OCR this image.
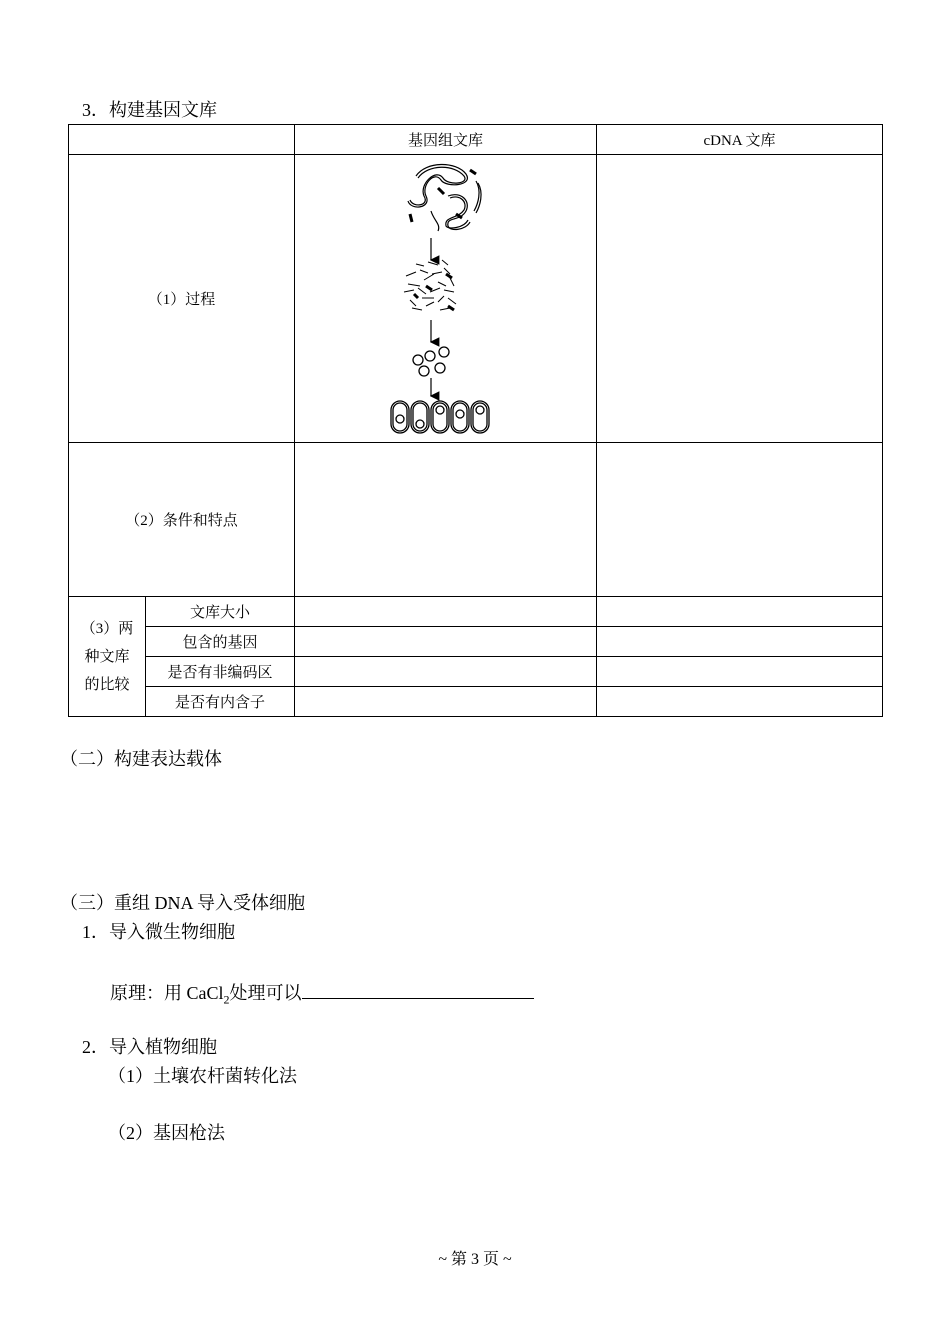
3．构建基因文库
		基因组文库	cDNA 文库
（1）过程		
（2）条件和特点			

（3）两
种文库
的比较	文库大小		
	包含的基因		
	是否有非编码区		
	是否有内含子		
（二）构建表达载体
（三）重组 DNA 导入受体细胞
1．导入微生物细胞
原理：用 CaCl$_2$处理可以
2．导入植物细胞
（1）土壤农杆菌转化法
（2）基因枪法
~ 第 3 页 ~
